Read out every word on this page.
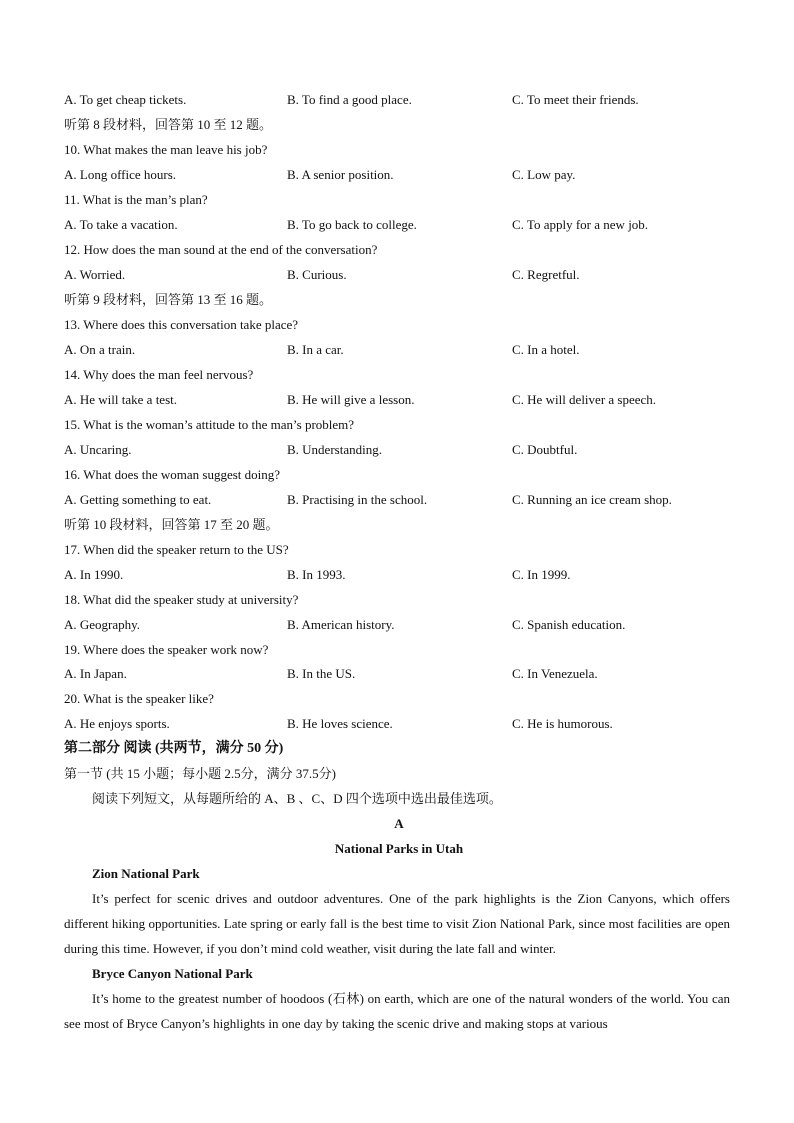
A. To get cheap tickets.	B. To find a good place.	C. To meet their friends.
听第 8 段材料，回答第 10 至 12 题。
10. What makes the man leave his job?
A. Long office hours.	B. A senior position.	C. Low pay.
11. What is the man’s plan?
A. To take a vacation.	B. To go back to college.	C. To apply for a new job.
12. How does the man sound at the end of the conversation?
A. Worried.	B. Curious.	C. Regretful.
听第 9 段材料，回答第 13 至 16 题。
13. Where does this conversation take place?
A. On a train.	B. In a car.	C. In a hotel.
14. Why does the man feel nervous?
A. He will take a test.	B. He will give a lesson.	C. He will deliver a speech.
15. What is the woman’s attitude to the man’s problem?
A. Uncaring.	B. Understanding.	C. Doubtful.
16. What does the woman suggest doing?
A. Getting something to eat.	B. Practising in the school.	C. Running an ice cream shop.
听第 10 段材料，回答第 17 至 20 题。
17. When did the speaker return to the US?
A. In 1990.	B. In 1993.	C. In 1999.
18. What did the speaker study at university?
A. Geography.	B. American history.	C. Spanish education.
19. Where does the speaker work now?
A. In Japan.	B. In the US.	C. In Venezuela.
20. What is the speaker like?
A. He enjoys sports.	B. He loves science.	C. He is humorous.
第二部分 阅读 (共两节，满分 50 分)
第一节 (共 15 小题；每小题 2.5分，满分 37.5分)
阅读下列短文，从每题所给的 A、B 、C、D 四个选项中选出最佳选项。
A
National Parks in Utah
Zion National Park
It’s perfect for scenic drives and outdoor adventures. One of the park highlights is the Zion Canyons, which offers different hiking opportunities. Late spring or early fall is the best time to visit Zion National Park, since most facilities are open during this time. However, if you don’t mind cold weather, visit during the late fall and winter.
Bryce Canyon National Park
It’s home to the greatest number of hoodoos (石林) on earth, which are one of the natural wonders of the world. You can see most of Bryce Canyon’s highlights in one day by taking the scenic drive and making stops at various
